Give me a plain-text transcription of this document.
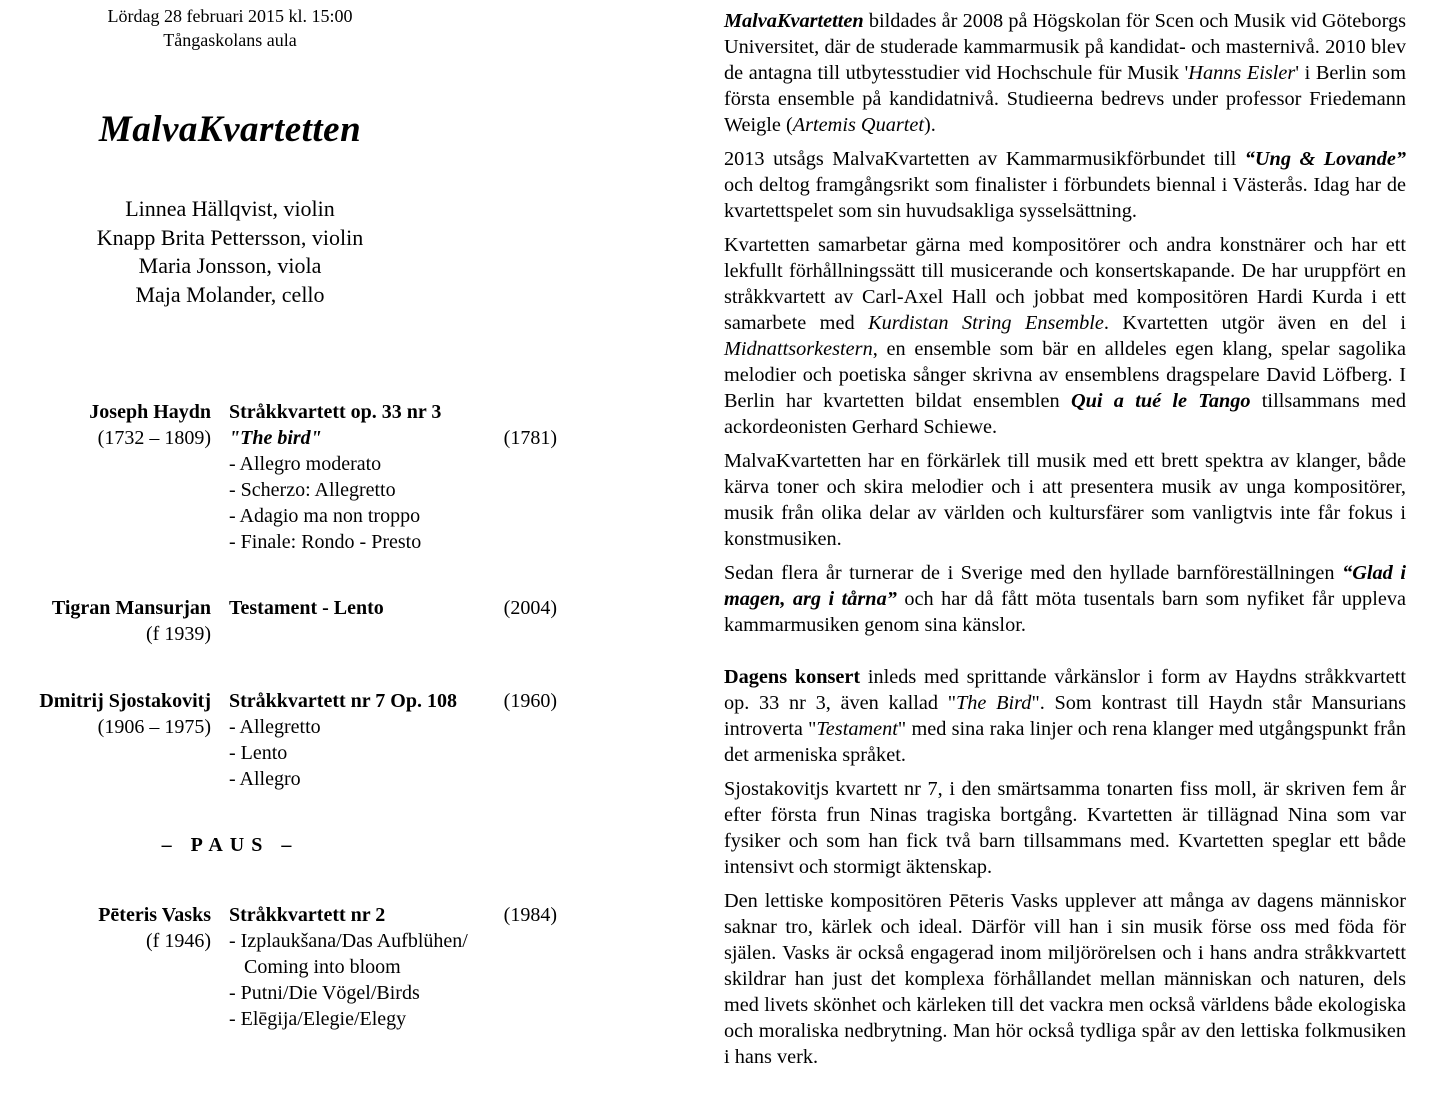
Lördag 28 februari 2015 kl. 15:00
Tångaskolans aula
MalvaKvartetten
Linnea Hällqvist, violin
Knapp Brita Pettersson, violin
Maria Jonsson, viola
Maja Molander, cello
Joseph Haydn
(1732 – 1809)
Stråkkvartett op. 33 nr 3
"The bird"
- Allegro moderato
- Scherzo: Allegretto
- Adagio ma non troppo
- Finale: Rondo - Presto
(1781)
Tigran Mansurjan
(f 1939)
Testament - Lento	(2004)
Dmitrij Sjostakovitj
(1906 – 1975)
Stråkkvartett nr 7 Op. 108
- Allegretto
- Lento
- Allegro
(1960)
– PAUS –
Pēteris Vasks
(f 1946)
Stråkkvartett nr 2
- Izplaukšana/Das Aufblühen/
Coming into bloom
- Putni/Die Vögel/Birds
- Elēgija/Elegie/Elegy
(1984)

MalvaKvartetten bildades år 2008 på Högskolan för Scen och Musik vid Göteborgs Universitet, där de studerade kammarmusik på kandidat- och masternivå. 2010 blev de antagna till utbytesstudier vid Hochschule für Musik 'Hanns Eisler' i Berlin som första ensemble på kandidatnivå. Studieerna bedrevs under professor Friedemann Weigle (Artemis Quartet).

2013 utsågs MalvaKvartetten av Kammarmusikförbundet till “Ung & Lovande” och deltog framgångsrikt som finalister i förbundets biennal i Västerås. Idag har de kvartettspelet som sin huvudsakliga sysselsättning.

Kvartetten samarbetar gärna med kompositörer och andra konstnärer och har ett lekfullt förhållningssätt till musicerande och konsertskapande. De har uruppfört en stråkkvartett av Carl-Axel Hall och jobbat med kompositören Hardi Kurda i ett samarbete med Kurdistan String Ensemble. Kvartetten utgör även en del i Midnattsorkestern, en ensemble som bär en alldeles egen klang, spelar sagolika melodier och poetiska sånger skrivna av ensemblens dragspelare David Löfberg. I Berlin har kvartetten bildat ensemblen Qui a tué le Tango tillsammans med ackordeonisten Gerhard Schiewe.

MalvaKvartetten har en förkärlek till musik med ett brett spektra av klanger, både kärva toner och skira melodier och i att presentera musik av unga kompositörer, musik från olika delar av världen och kultursfärer som vanligtvis inte får fokus i konstmusiken.

Sedan flera år turnerar de i Sverige med den hyllade barnföreställningen “Glad i magen, arg i tårna” och har då fått möta tusentals barn som nyfiket får uppleva kammarmusiken genom sina känslor.

Dagens konsert inleds med sprittande vårkänslor i form av Haydns stråkkvartett op. 33 nr 3, även kallad "The Bird". Som kontrast till Haydn står Mansurians introverta "Testament" med sina raka linjer och rena klanger med utgångspunkt från det armeniska språket.

Sjostakovitjs kvartett nr 7, i den smärtsamma tonarten fiss moll, är skriven fem år efter första frun Ninas tragiska bortgång. Kvartetten är tillägnad Nina som var fysiker och som han fick två barn tillsammans med. Kvartetten speglar ett både intensivt och stormigt äktenskap.

Den lettiske kompositören Pēteris Vasks upplever att många av dagens människor saknar tro, kärlek och ideal. Därför vill han i sin musik förse oss med föda för själen. Vasks är också engagerad inom miljörörelsen och i hans andra stråkkvartett skildrar han just det komplexa förhållandet mellan människan och naturen, dels med livets skönhet och kärleken till det vackra men också världens både ekologiska och moraliska nedbrytning. Man hör också tydliga spår av den lettiska folkmusiken i hans verk.
